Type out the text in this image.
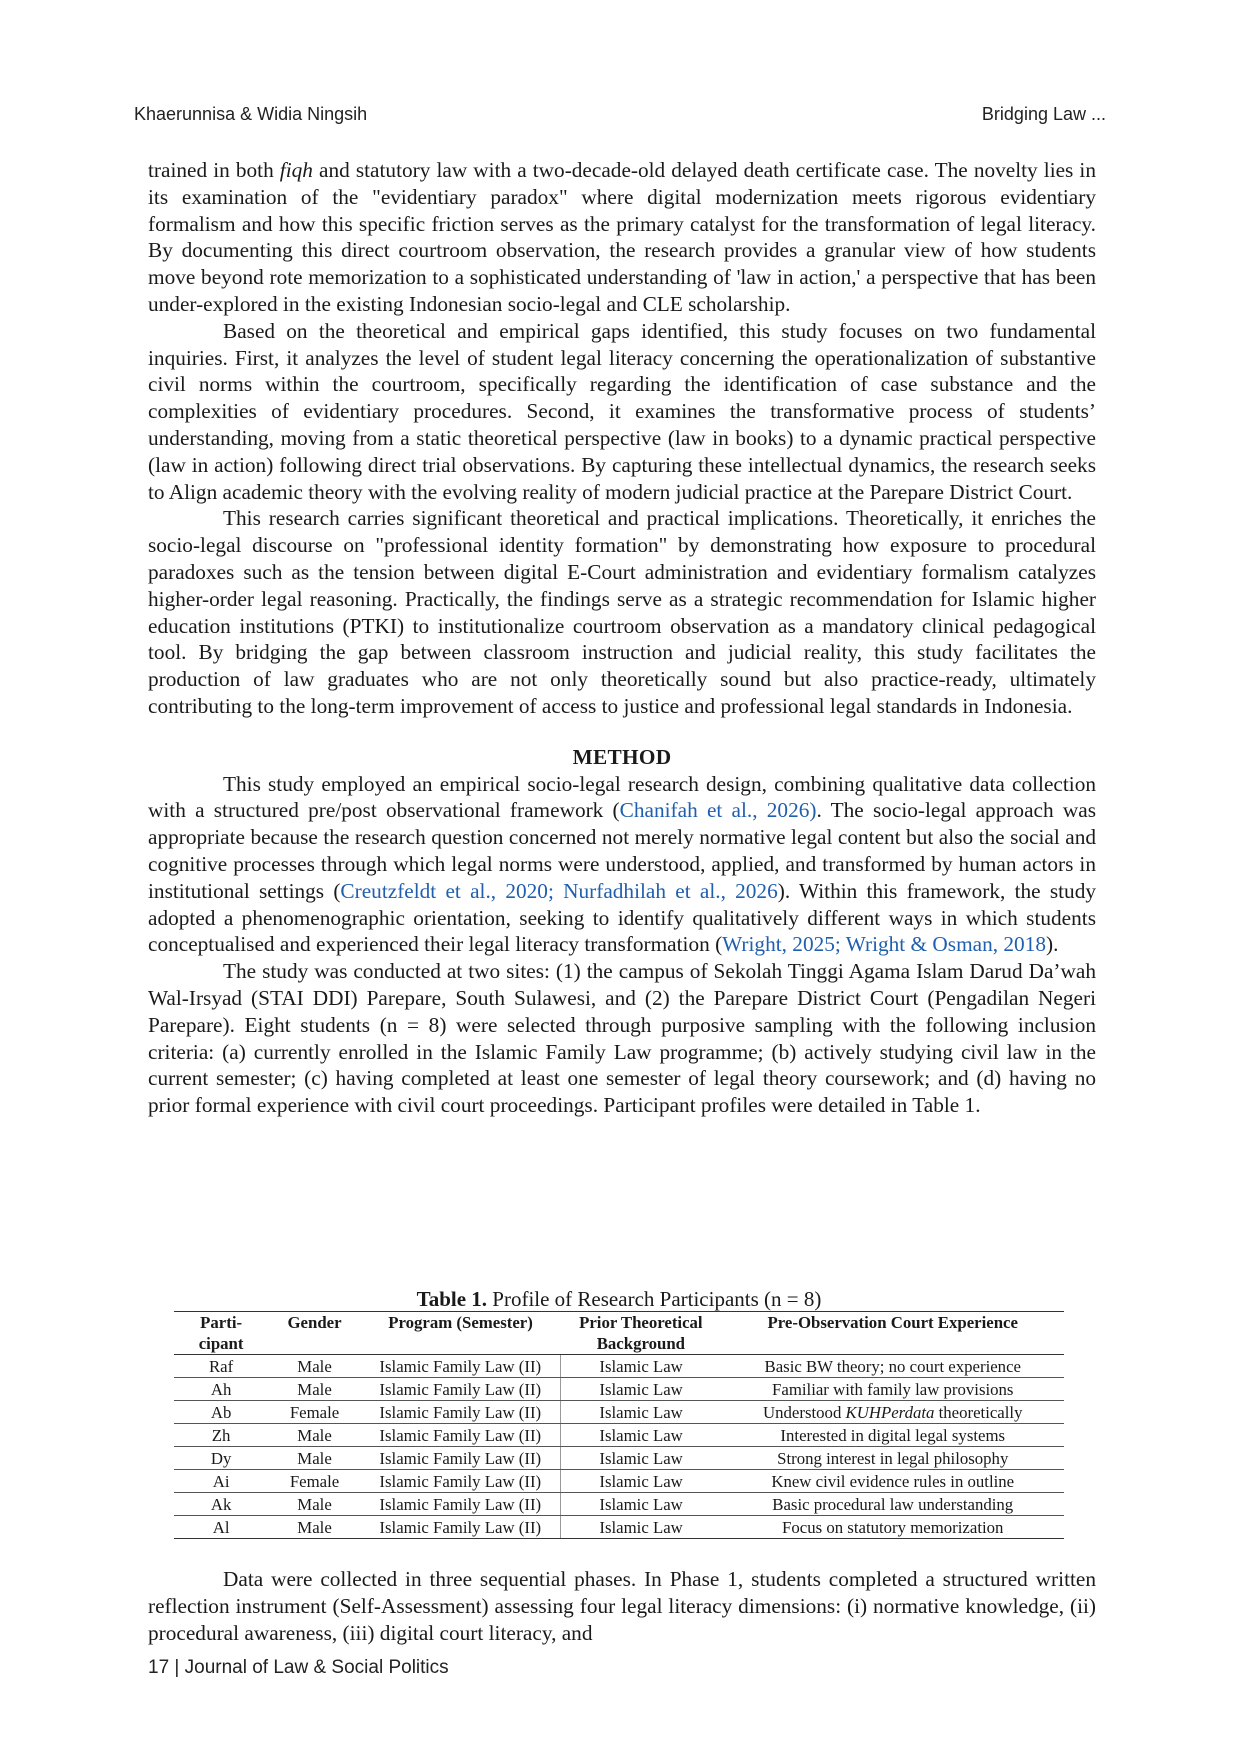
Khaerunnisa & Widia Ningsih	Bridging Law ...

trained in both fiqh and statutory law with a two-decade-old delayed death certificate case. The novelty lies in its examination of the "evidentiary paradox" where digital modernization meets rigorous evidentiary formalism and how this specific friction serves as the primary catalyst for the transformation of legal literacy. By documenting this direct courtroom observation, the research provides a granular view of how students move beyond rote memorization to a sophisticated understanding of 'law in action,' a perspective that has been under-explored in the existing Indonesian socio-legal and CLE scholarship.

Based on the theoretical and empirical gaps identified, this study focuses on two fundamental inquiries. First, it analyzes the level of student legal literacy concerning the operationalization of substantive civil norms within the courtroom, specifically regarding the identification of case substance and the complexities of evidentiary procedures. Second, it examines the transformative process of students’ understanding, moving from a static theoretical perspective (law in books) to a dynamic practical perspective (law in action) following direct trial observations. By capturing these intellectual dynamics, the research seeks to Align academic theory with the evolving reality of modern judicial practice at the Parepare District Court.

This research carries significant theoretical and practical implications. Theoretically, it enriches the socio-legal discourse on "professional identity formation" by demonstrating how exposure to procedural paradoxes such as the tension between digital E-Court administration and evidentiary formalism catalyzes higher-order legal reasoning. Practically, the findings serve as a strategic recommendation for Islamic higher education institutions (PTKI) to institutionalize courtroom observation as a mandatory clinical pedagogical tool. By bridging the gap between classroom instruction and judicial reality, this study facilitates the production of law graduates who are not only theoretically sound but also practice-ready, ultimately contributing to the long-term improvement of access to justice and professional legal standards in Indonesia.

METHOD

This study employed an empirical socio-legal research design, combining qualitative data collection with a structured pre/post observational framework (Chanifah et al., 2026). The socio-legal approach was appropriate because the research question concerned not merely normative legal content but also the social and cognitive processes through which legal norms were understood, applied, and transformed by human actors in institutional settings (Creutzfeldt et al., 2020; Nurfadhilah et al., 2026). Within this framework, the study adopted a phenomenographic orientation, seeking to identify qualitatively different ways in which students conceptualised and experienced their legal literacy transformation (Wright, 2025; Wright & Osman, 2018).

The study was conducted at two sites: (1) the campus of Sekolah Tinggi Agama Islam Darud Da’wah Wal-Irsyad (STAI DDI) Parepare, South Sulawesi, and (2) the Parepare District Court (Pengadilan Negeri Parepare). Eight students (n = 8) were selected through purposive sampling with the following inclusion criteria: (a) currently enrolled in the Islamic Family Law programme; (b) actively studying civil law in the current semester; (c) having completed at least one semester of legal theory coursework; and (d) having no prior formal experience with civil court proceedings. Participant profiles were detailed in Table 1.

Table 1. Profile of Research Participants (n = 8)
Parti-
cipant	Gender	Program (Semester)	Prior Theoretical Background	Pre-Observation Court Experience
Raf	Male	Islamic Family Law (II)	Islamic Law	Basic BW theory; no court experience
Ah	Male	Islamic Family Law (II)	Islamic Law	Familiar with family law provisions
Ab	Female	Islamic Family Law (II)	Islamic Law	Understood KUHPerdata theoretically
Zh	Male	Islamic Family Law (II)	Islamic Law	Interested in digital legal systems
Dy	Male	Islamic Family Law (II)	Islamic Law	Strong interest in legal philosophy
Ai	Female	Islamic Family Law (II)	Islamic Law	Knew civil evidence rules in outline
Ak	Male	Islamic Family Law (II)	Islamic Law	Basic procedural law understanding
Al	Male	Islamic Family Law (II)	Islamic Law	Focus on statutory memorization

Data were collected in three sequential phases. In Phase 1, students completed a structured written reflection instrument (Self-Assessment) assessing four legal literacy dimensions: (i) normative knowledge, (ii) procedural awareness, (iii) digital court literacy, and

17 | Journal of Law & Social Politics
